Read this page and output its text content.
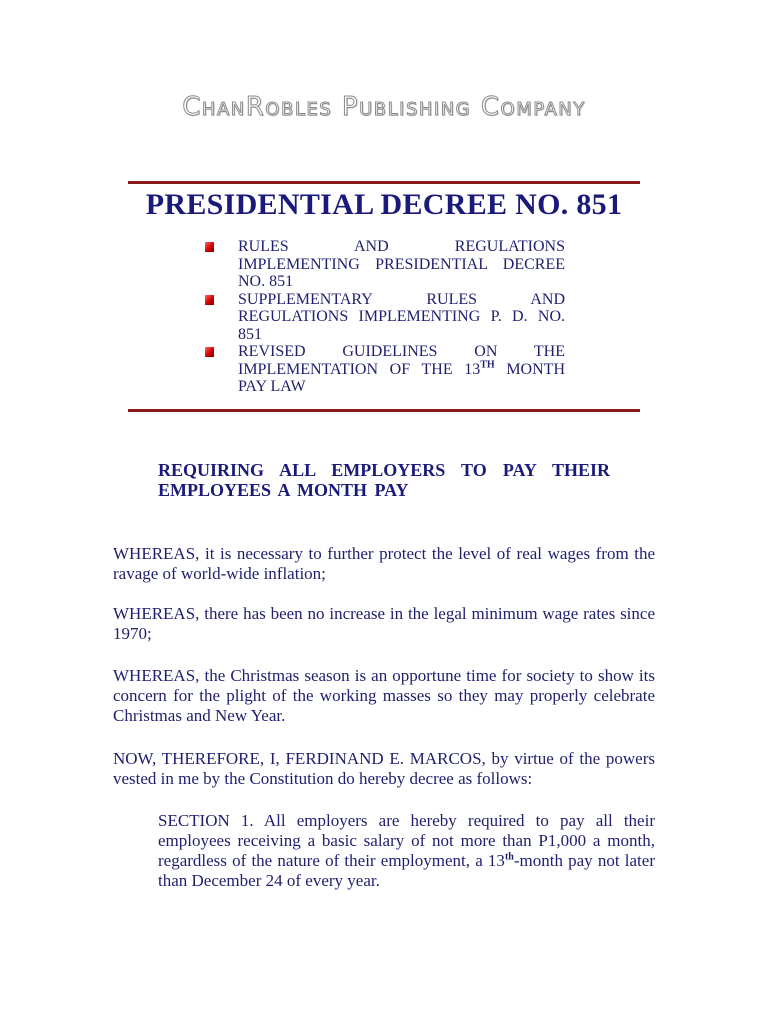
ChanRobles Publishing Company
PRESIDENTIAL DECREE NO. 851
RULES AND REGULATIONS IMPLEMENTING PRESIDENTIAL DECREE NO. 851
SUPPLEMENTARY RULES AND REGULATIONS IMPLEMENTING P. D. NO. 851
REVISED GUIDELINES ON THE IMPLEMENTATION OF THE 13TH MONTH PAY LAW
REQUIRING ALL EMPLOYERS TO PAY THEIR EMPLOYEES A MONTH PAY

WHEREAS, it is necessary to further protect the level of real wages from the ravage of world-wide inflation;

WHEREAS, there has been no increase in the legal minimum wage rates since 1970;

WHEREAS, the Christmas season is an opportune time for society to show its concern for the plight of the working masses so they may properly celebrate Christmas and New Year.

NOW, THEREFORE, I, FERDINAND E. MARCOS, by virtue of the powers vested in me by the Constitution do hereby decree as follows:

SECTION 1. All employers are hereby required to pay all their employees receiving a basic salary of not more than P1,000 a month, regardless of the nature of their employment, a 13th-month pay not later than December 24 of every year.
